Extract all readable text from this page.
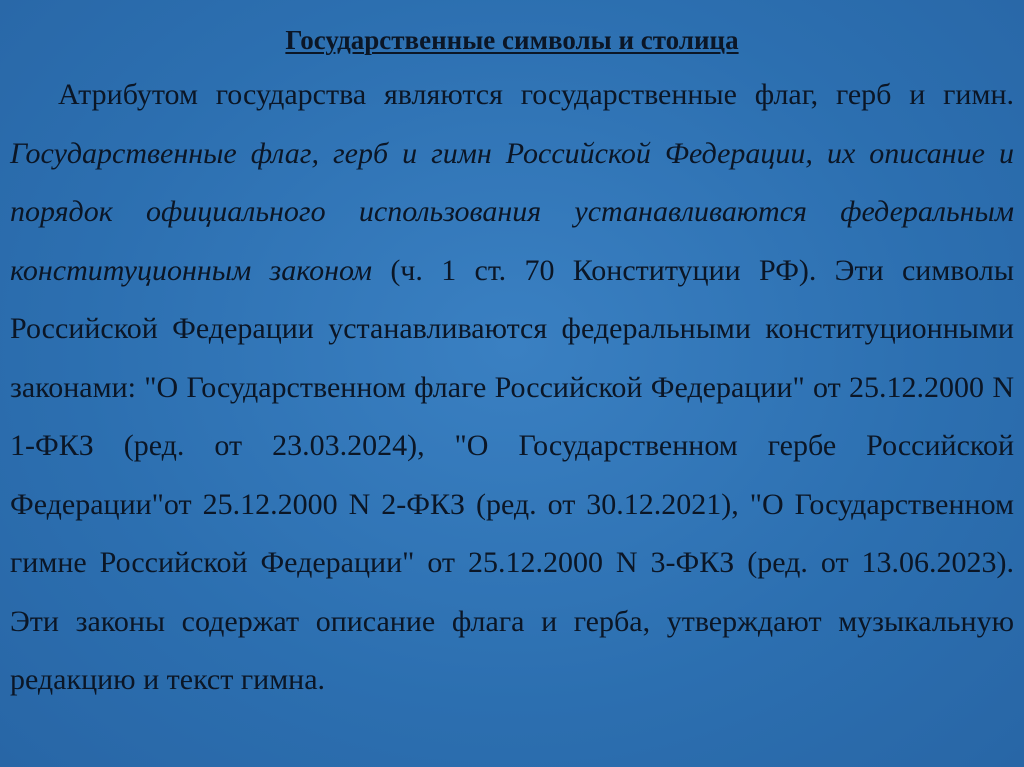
Государственные символы и столица

Атрибутом государства являются государственные флаг, герб и гимн. Государственные флаг, герб и гимн Российской Федерации, их описание и порядок официального использования устанавливаются федеральным конституционным законом (ч. 1 ст. 70 Конституции РФ). Эти символы Российской Федерации устанавливаются федеральными конституционными законами: "О Государственном флаге Российской Федерации" от 25.12.2000 N 1-ФКЗ (ред. от 23.03.2024), "О Государственном гербе Российской Федерации"от 25.12.2000 N 2-ФКЗ (ред. от 30.12.2021), "О Государственном гимне Российской Федерации" от 25.12.2000 N 3-ФКЗ (ред. от 13.06.2023). Эти законы содержат описание флага и герба, утверждают музыкальную редакцию и текст гимна.
